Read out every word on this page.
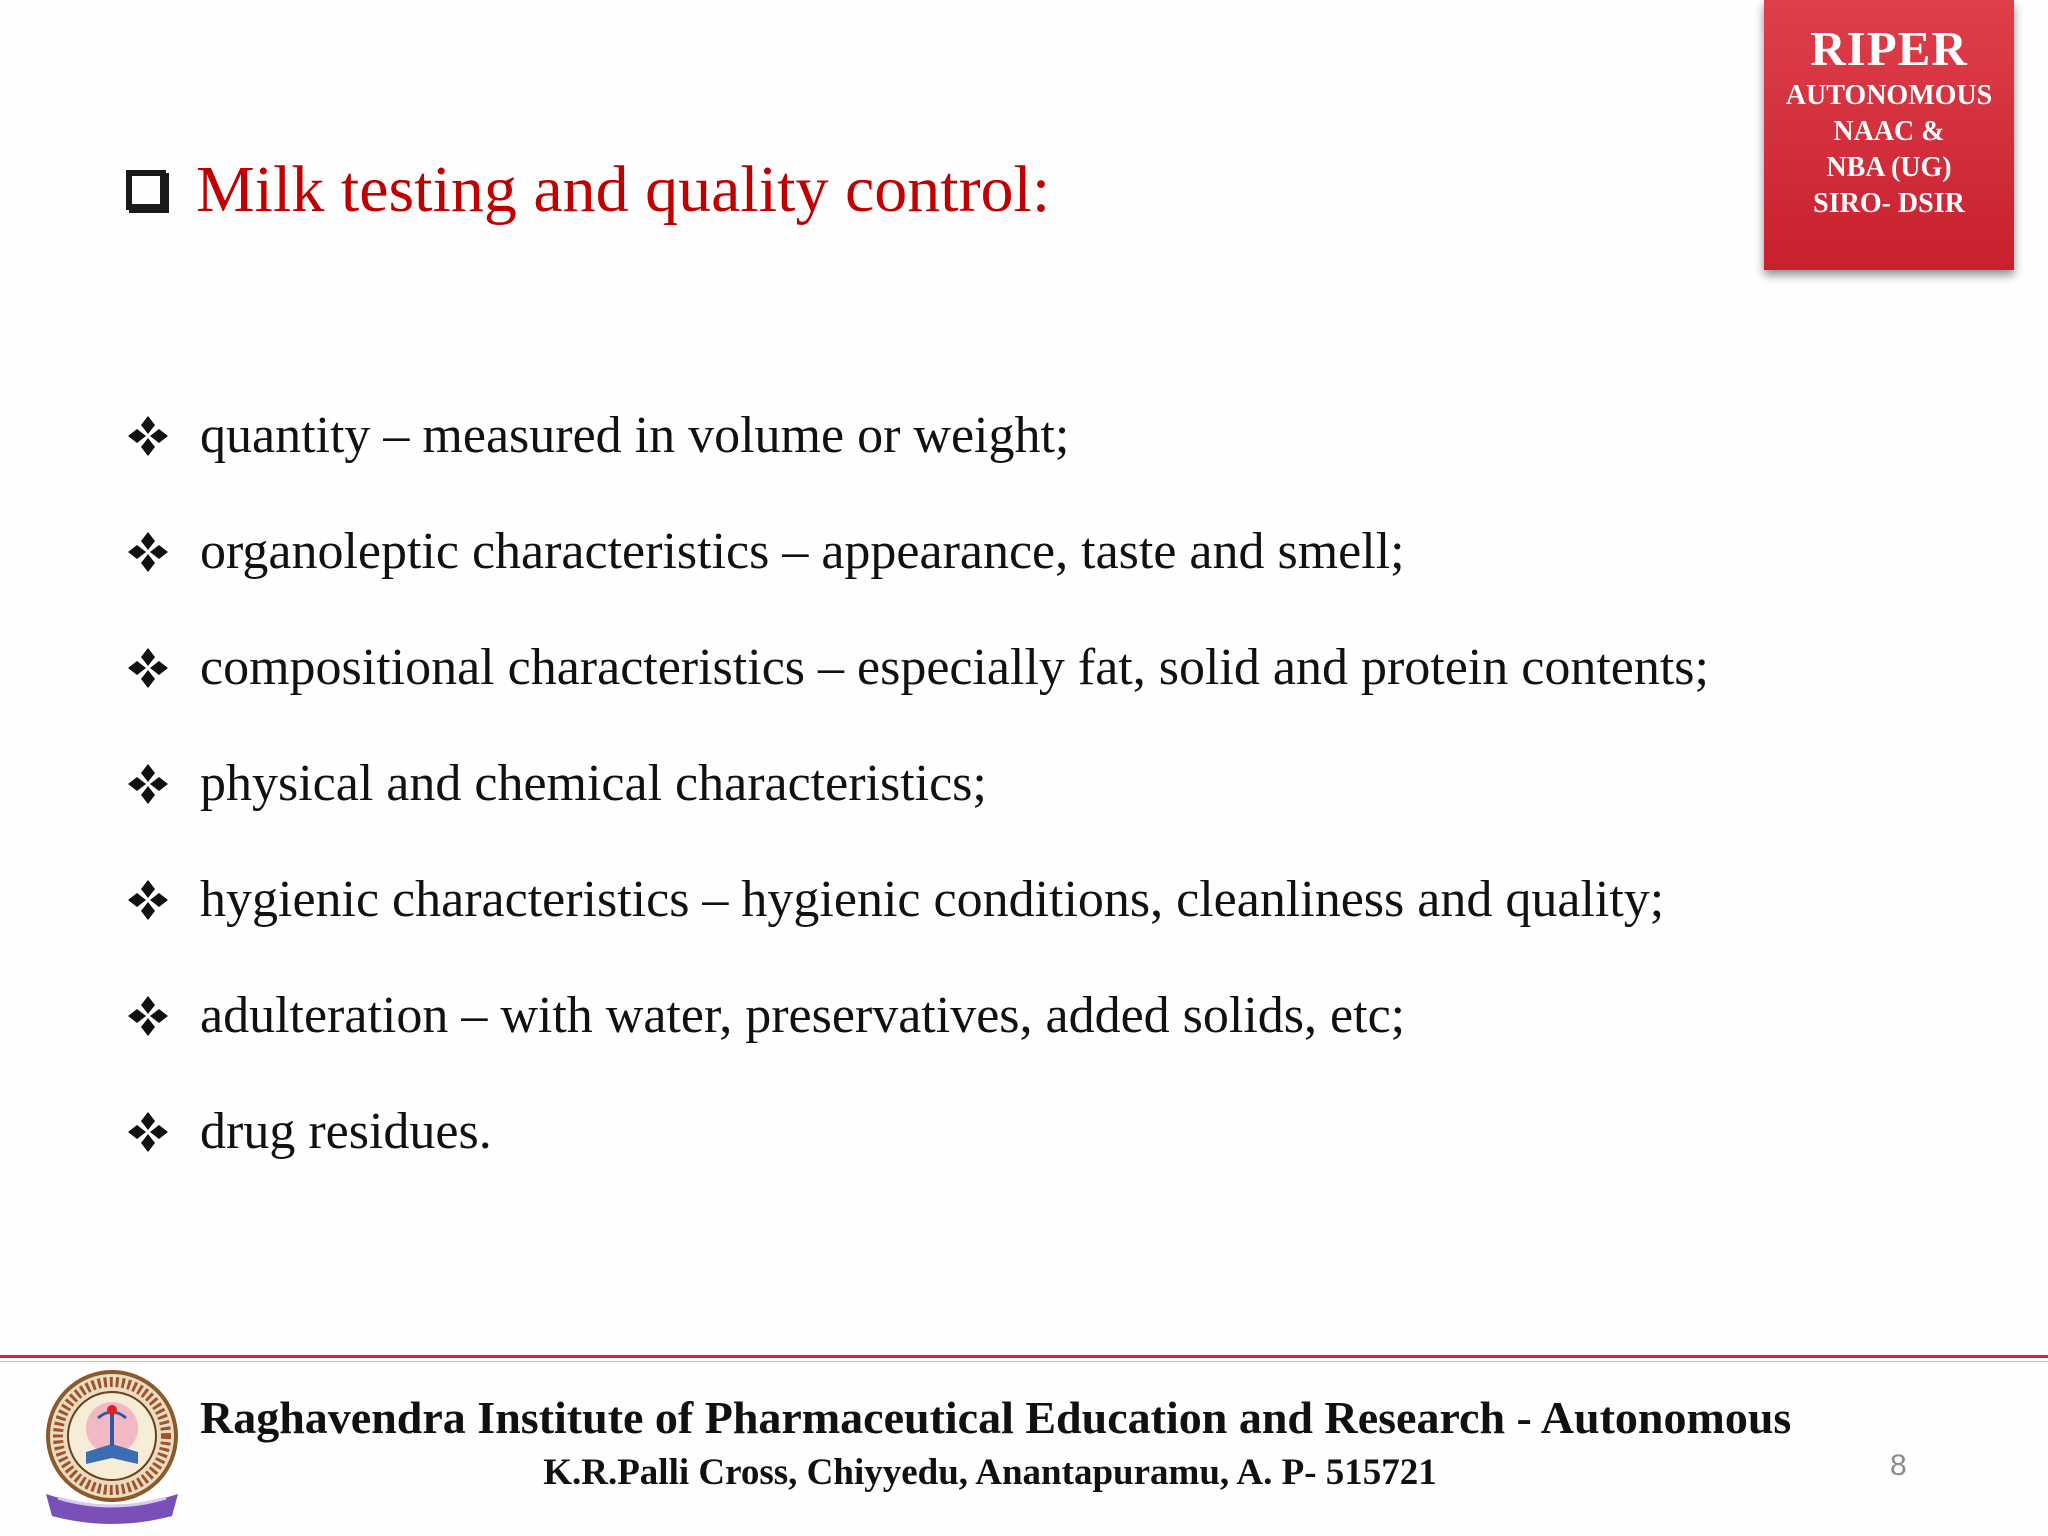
RIPER
AUTONOMOUS
NAAC &
NBA (UG)
SIRO- DSIR
Milk testing and quality control:
quantity – measured in volume or weight;
organoleptic characteristics – appearance, taste and smell;
compositional characteristics – especially fat, solid and protein contents;
physical and chemical characteristics;
hygienic characteristics – hygienic conditions, cleanliness and quality;
adulteration – with water, preservatives, added solids, etc;
drug residues.
Raghavendra Institute of Pharmaceutical Education and Research - Autonomous
K.R.Palli Cross, Chiyyedu, Anantapuramu, A. P- 515721	8
